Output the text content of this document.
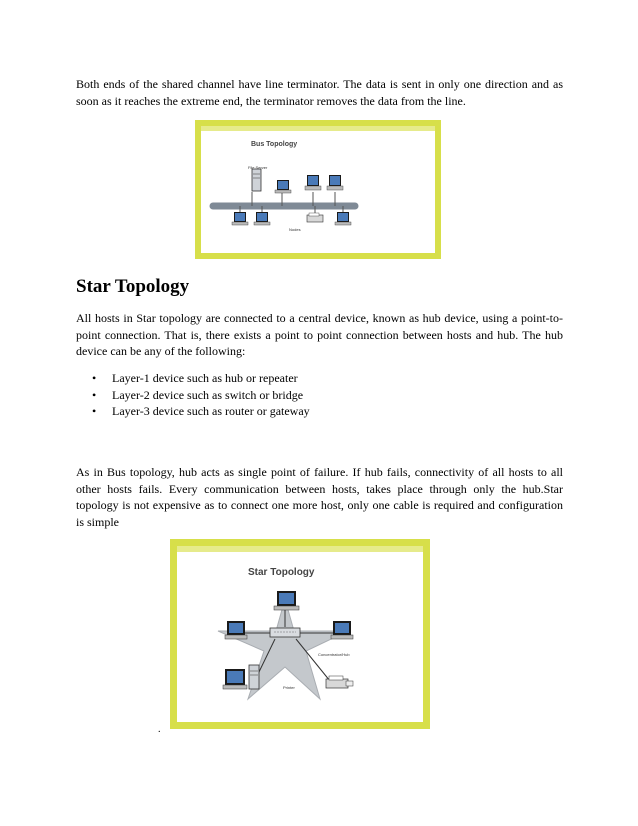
Both ends of the shared channel have line terminator. The data is sent in only one direction and as soon as it reaches the extreme end, the terminator removes the data from the line.

Bus Topology
File Server
Nodes
Star Topology

All hosts in Star topology are connected to a central device, known as hub device, using a point-to-point connection. That is, there exists a point to point connection between hosts and hub. The hub device can be any of the following:

• Layer-1 device such as hub or repeater
• Layer-2 device such as switch or bridge
• Layer-3 device such as router or gateway

As in Bus topology, hub acts as single point of failure. If hub fails, connectivity of all hosts to all other hosts fails. Every communication between hosts, takes place through only the hub.Star topology is not expensive as to connect one more host, only one cable is required and configuration is simple

Star Topology
Concentrator/Hub
Printer
.
